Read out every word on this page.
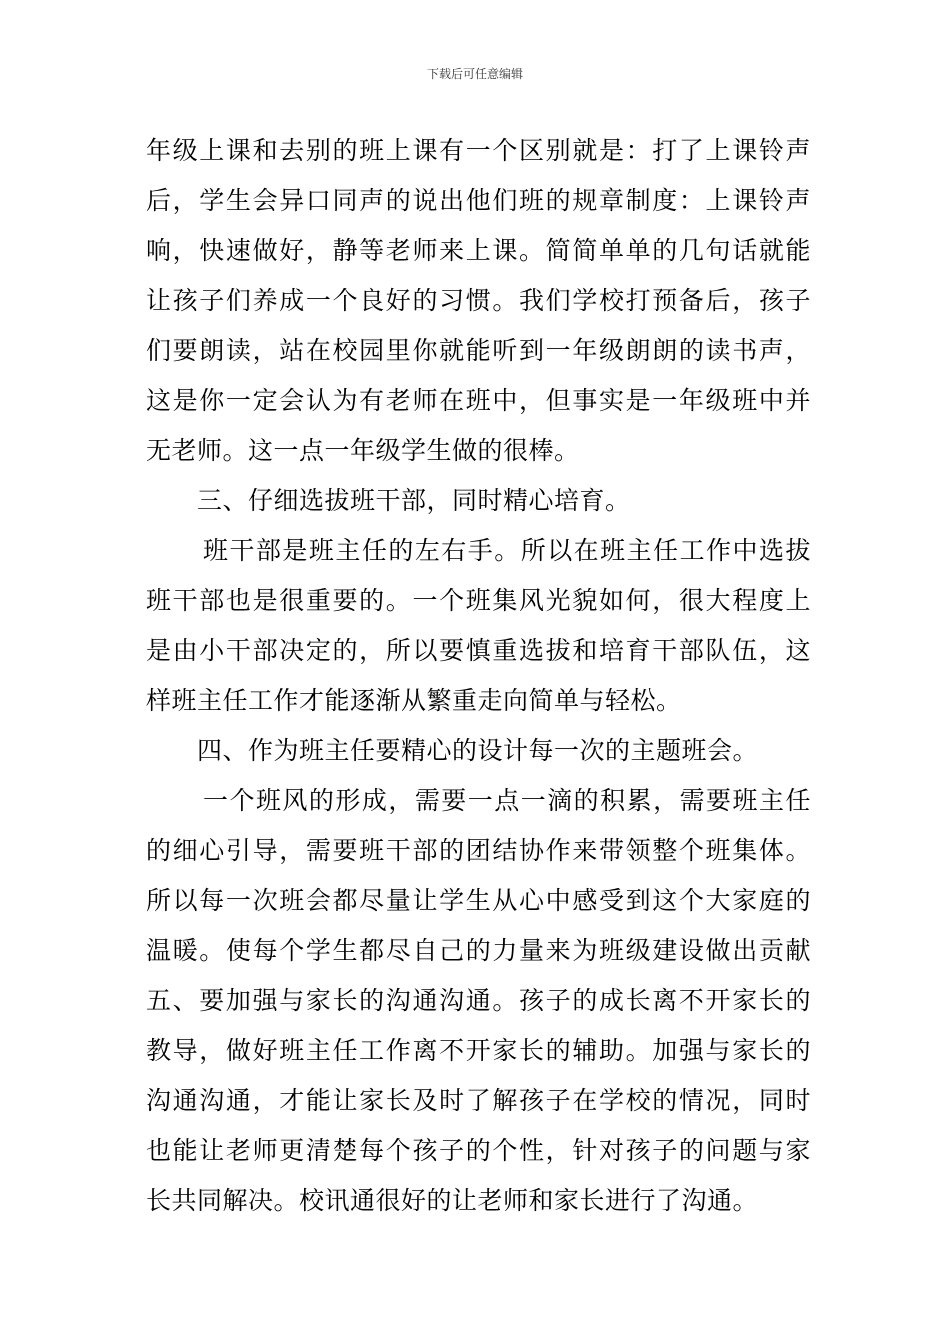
下载后可任意编辑
年级上课和去别的班上课有一个区别就是：打了上课铃声
后，学生会异口同声的说出他们班的规章制度：上课铃声
响，快速做好，静等老师来上课。简简单单的几句话就能
让孩子们养成一个良好的习惯。我们学校打预备后，孩子
们要朗读，站在校园里你就能听到一年级朗朗的读书声，
这是你一定会认为有老师在班中，但事实是一年级班中并
无老师。这一点一年级学生做的很棒。
三、仔细选拔班干部，同时精心培育。
班干部是班主任的左右手。所以在班主任工作中选拔
班干部也是很重要的。一个班集风光貌如何，很大程度上
是由小干部决定的，所以要慎重选拔和培育干部队伍，这
样班主任工作才能逐渐从繁重走向简单与轻松。
四、作为班主任要精心的设计每一次的主题班会。
一个班风的形成，需要一点一滴的积累，需要班主任
的细心引导，需要班干部的团结协作来带领整个班集体。
所以每一次班会都尽量让学生从心中感受到这个大家庭的
温暖。使每个学生都尽自己的力量来为班级建设做出贡献
五、要加强与家长的沟通沟通。孩子的成长离不开家长的
教导，做好班主任工作离不开家长的辅助。加强与家长的
沟通沟通，才能让家长及时了解孩子在学校的情况，同时
也能让老师更清楚每个孩子的个性，针对孩子的问题与家
长共同解决。校讯通很好的让老师和家长进行了沟通。
